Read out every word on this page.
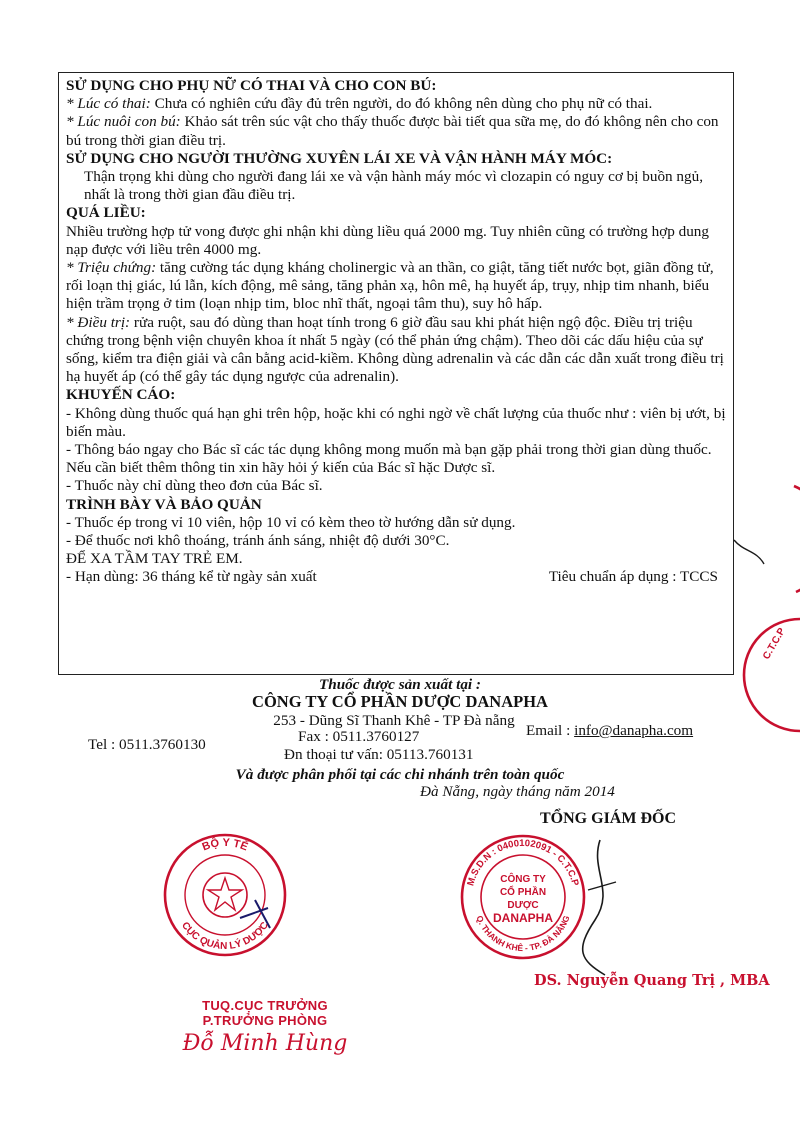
SỬ DỤNG CHO PHỤ NỮ CÓ THAI VÀ CHO CON BÚ:

* Lúc có thai: Chưa có nghiên cứu đầy đủ trên người, do đó không nên dùng cho phụ nữ có thai.

* Lúc nuôi con bú: Khảo sát trên súc vật cho thấy thuốc được bài tiết qua sữa mẹ, do đó không nên cho con bú trong thời gian điều trị.

SỬ DỤNG CHO NGƯỜI THƯỜNG XUYÊN LÁI XE VÀ VẬN HÀNH MÁY MÓC:

Thận trọng khi dùng cho người đang lái xe và vận hành máy móc vì clozapin có nguy cơ bị buồn ngủ, nhất là trong thời gian đầu điều trị.

QUÁ LIỀU:

Nhiều trường hợp tử vong được ghi nhận khi dùng liều quá 2000 mg. Tuy nhiên cũng có trường hợp dung nạp được với liều trên 4000 mg.

* Triệu chứng: tăng cường tác dụng kháng cholinergic và an thần, co giật, tăng tiết nước bọt, giãn đồng tử, rối loạn thị giác, lú lẫn, kích động, mê sảng, tăng phản xạ, hôn mê, hạ huyết áp, trụy, nhịp tim nhanh, biểu hiện trầm trọng ở tim (loạn nhịp tim, bloc nhĩ thất, ngoại tâm thu), suy hô hấp.

* Điều trị: rửa ruột, sau đó dùng than hoạt tính trong 6 giờ đầu sau khi phát hiện ngộ độc. Điều trị triệu chứng trong bệnh viện chuyên khoa ít nhất 5 ngày (có thể phản ứng chậm). Theo dõi các dấu hiệu của sự sống, kiểm tra điện giải và cân bằng acid-kiềm. Không dùng adrenalin và các dẫn các dẫn xuất trong điều trị hạ huyết áp (có thể gây tác dụng ngược của adrenalin).

KHUYẾN CÁO:

- Không dùng thuốc quá hạn ghi trên hộp, hoặc khi có nghi ngờ về chất lượng của thuốc như : viên bị ướt, bị biến màu.

- Thông báo ngay cho Bác sĩ các tác dụng không mong muốn mà bạn gặp phải trong thời gian dùng thuốc. Nếu cần biết thêm thông tin xin hãy hỏi ý kiến của Bác sĩ hặc Dược sĩ.

- Thuốc này chỉ dùng theo đơn của Bác sĩ.

TRÌNH BÀY VÀ BẢO QUẢN

- Thuốc ép trong vỉ 10 viên, hộp 10 vỉ có kèm theo tờ hướng dẫn sử dụng.

- Để thuốc nơi khô thoáng, tránh ánh sáng, nhiệt độ dưới 30°C.

ĐỂ XA TẦM TAY TRẺ EM.

- Hạn dùng: 36 tháng kể từ ngày sản xuất	Tiêu chuẩn áp dụng : TCCS
Thuốc được sản xuất tại :
CÔNG TY CỔ PHẦN DƯỢC DANAPHA
253 - Dũng Sĩ Thanh Khê - TP Đà nẵng
Tel : 0511.3760130	Fax : 0511.3760127	Email : info@danapha.com
Đn thoại tư vấn: 05113.760131
Và được phân phối tại các chi nhánh trên toàn quốc
Đà Nẵng, ngày tháng năm 2014
TỔNG GIÁM ĐỐC
M.S.D.N : 0400102091 - C.T.C.P
Q. THANH KHÊ - TP. ĐÀ NẴNG
CÔNG TY
CỔ PHẦN
DƯỢC
DANAPHA
DS. Nguyễn Quang Trị , MBA
BỘ Y TẾ
CỤC QUẢN LÝ DƯỢC
TUQ.CỤC TRƯỞNG
P.TRƯỞNG PHÒNG
Đỗ Minh Hùng
C.T.C.P
